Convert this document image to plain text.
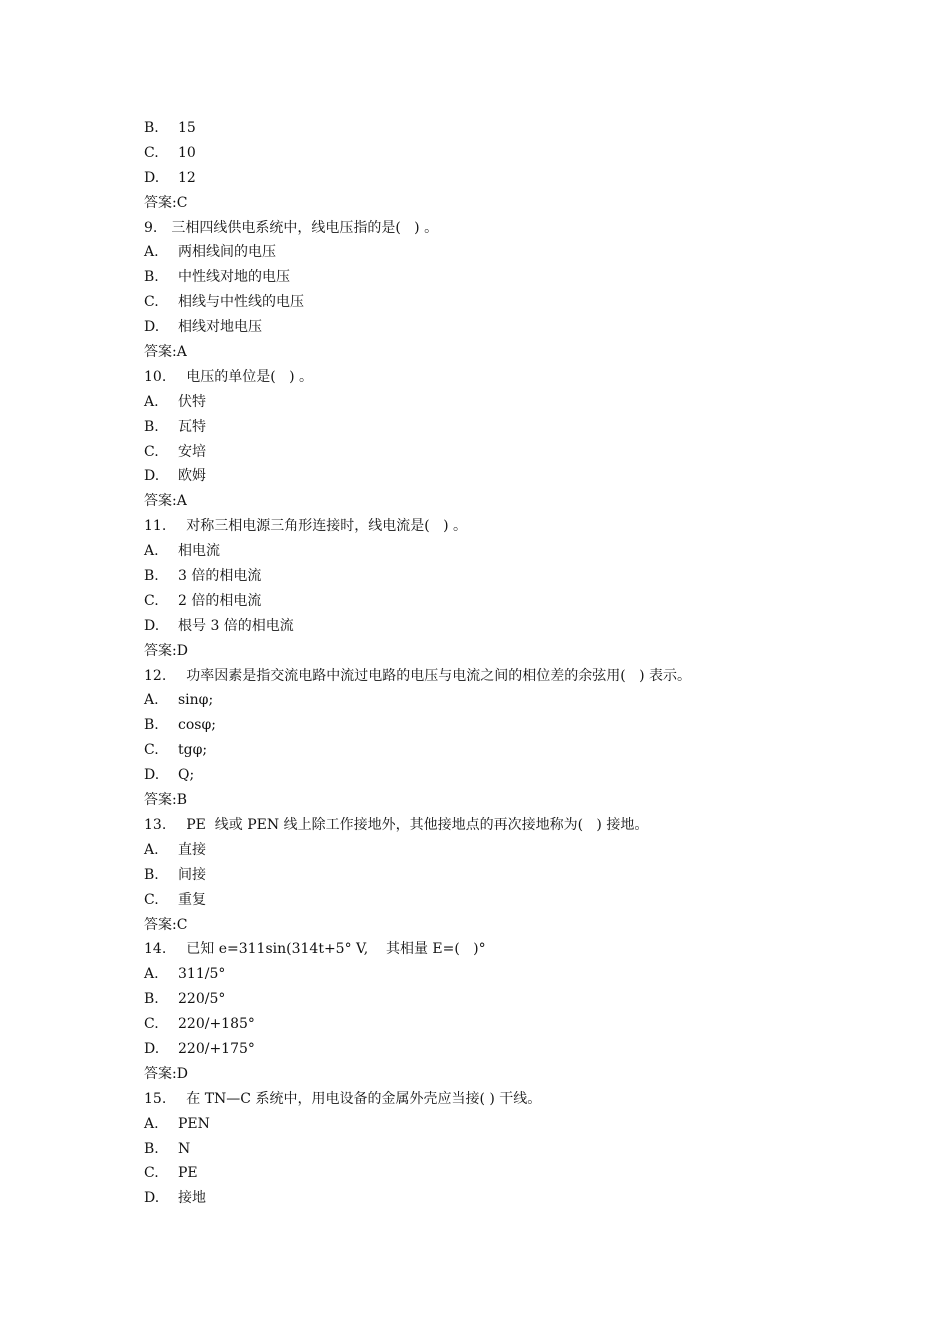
B.	15
C.	10
D.	12
答案:C
9. 三相四线供电系统中，线电压指的是(   ) 。
A.	两相线间的电压
B.	中性线对地的电压
C.	相线与中性线的电压
D.	相线对地电压
答案:A
10. 电压的单位是(   ) 。
A.	伏特
B.	瓦特
C.	安培
D.	欧姆
答案:A
11. 对称三相电源三角形连接时，线电流是(   ) 。
A.	相电流
B.	3 倍的相电流
C.	2 倍的相电流
D.	根号 3 倍的相电流
答案:D
12. 功率因素是指交流电路中流过电路的电压与电流之间的相位差的余弦用(   ) 表示。
A.	sinφ;
B.	cosφ;
C.	tgφ;
D.	Q;
答案:B
13. PE  线或 PEN 线上除工作接地外，其他接地点的再次接地称为(   ) 接地。
A.	直接
B.	间接
C.	重复
答案:C
14. 已知 e=311sin(314t+5° V,    其相量 E=(   )°
A.	311/5°
B.	220/5°
C.	220/+185°
D.	220/+175°
答案:D
15. 在 TN—C 系统中，用电设备的金属外壳应当接( ) 干线。
A.	PEN
B.	N
C.	PE
D.	接地
